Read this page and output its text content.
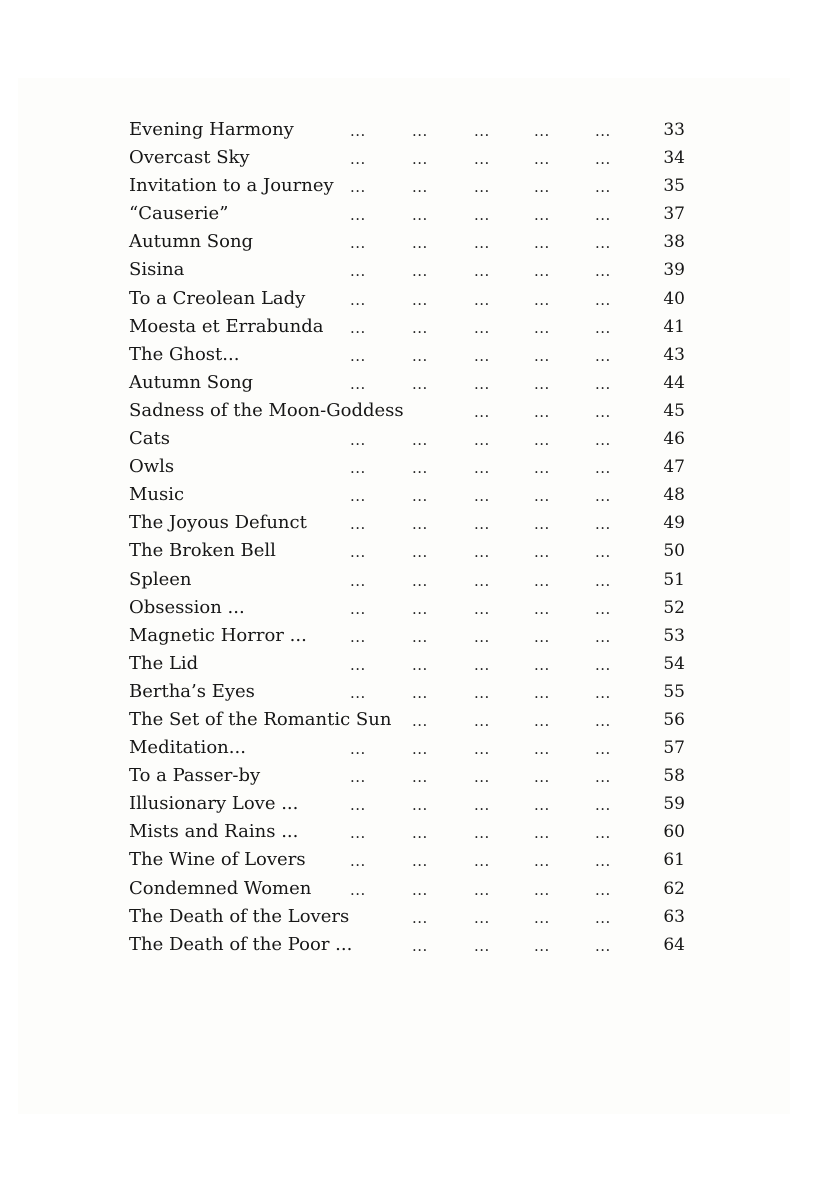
Evening Harmony	...	...	...	...	...	33
Overcast Sky	...	...	...	...	...	34
Invitation to a Journey ...	...	...	...	...	35
“Causerie”	...	...	...	...	...	37
Autumn Song	...	...	...	...	...	38
Sisina	...	...	...	...	...	39
To a Creolean Lady	...	...	...	...	...	40
Moesta et Errabunda ...	...	...	...	...	41
The Ghost...	...	...	...	...	...	43
Autumn Song	...	...	...	...	...	44
Sadness of the Moon-Goddess	...	...	...	45
Cats	...	...	...	...	...	46
Owls	...	...	...	...	...	47
Music	...	...	...	...	...	48
The Joyous Defunct	...	...	...	...	...	49
The Broken Bell	...	...	...	...	...	50
Spleen	...	...	...	...	...	51
Obsession ...	...	...	...	...	...	52
Magnetic Horror ...	...	...	...	...	...	53
The Lid	...	...	...	...	...	54
Bertha’s Eyes	...	...	...	...	...	55
The Set of the Romantic Sun ...	...	...	...	56
Meditation...	...	...	...	...	...	57
To a Passer-by	...	...	...	...	...	58
Illusionary Love ...	...	...	...	...	...	59
Mists and Rains ...	...	...	...	...	...	60
The Wine of Lovers	...	...	...	...	...	61
Condemned Women	...	...	...	...	...	62
The Death of the Lovers	...	...	...	...	63
The Death of the Poor ...	...	...	...	...	64
